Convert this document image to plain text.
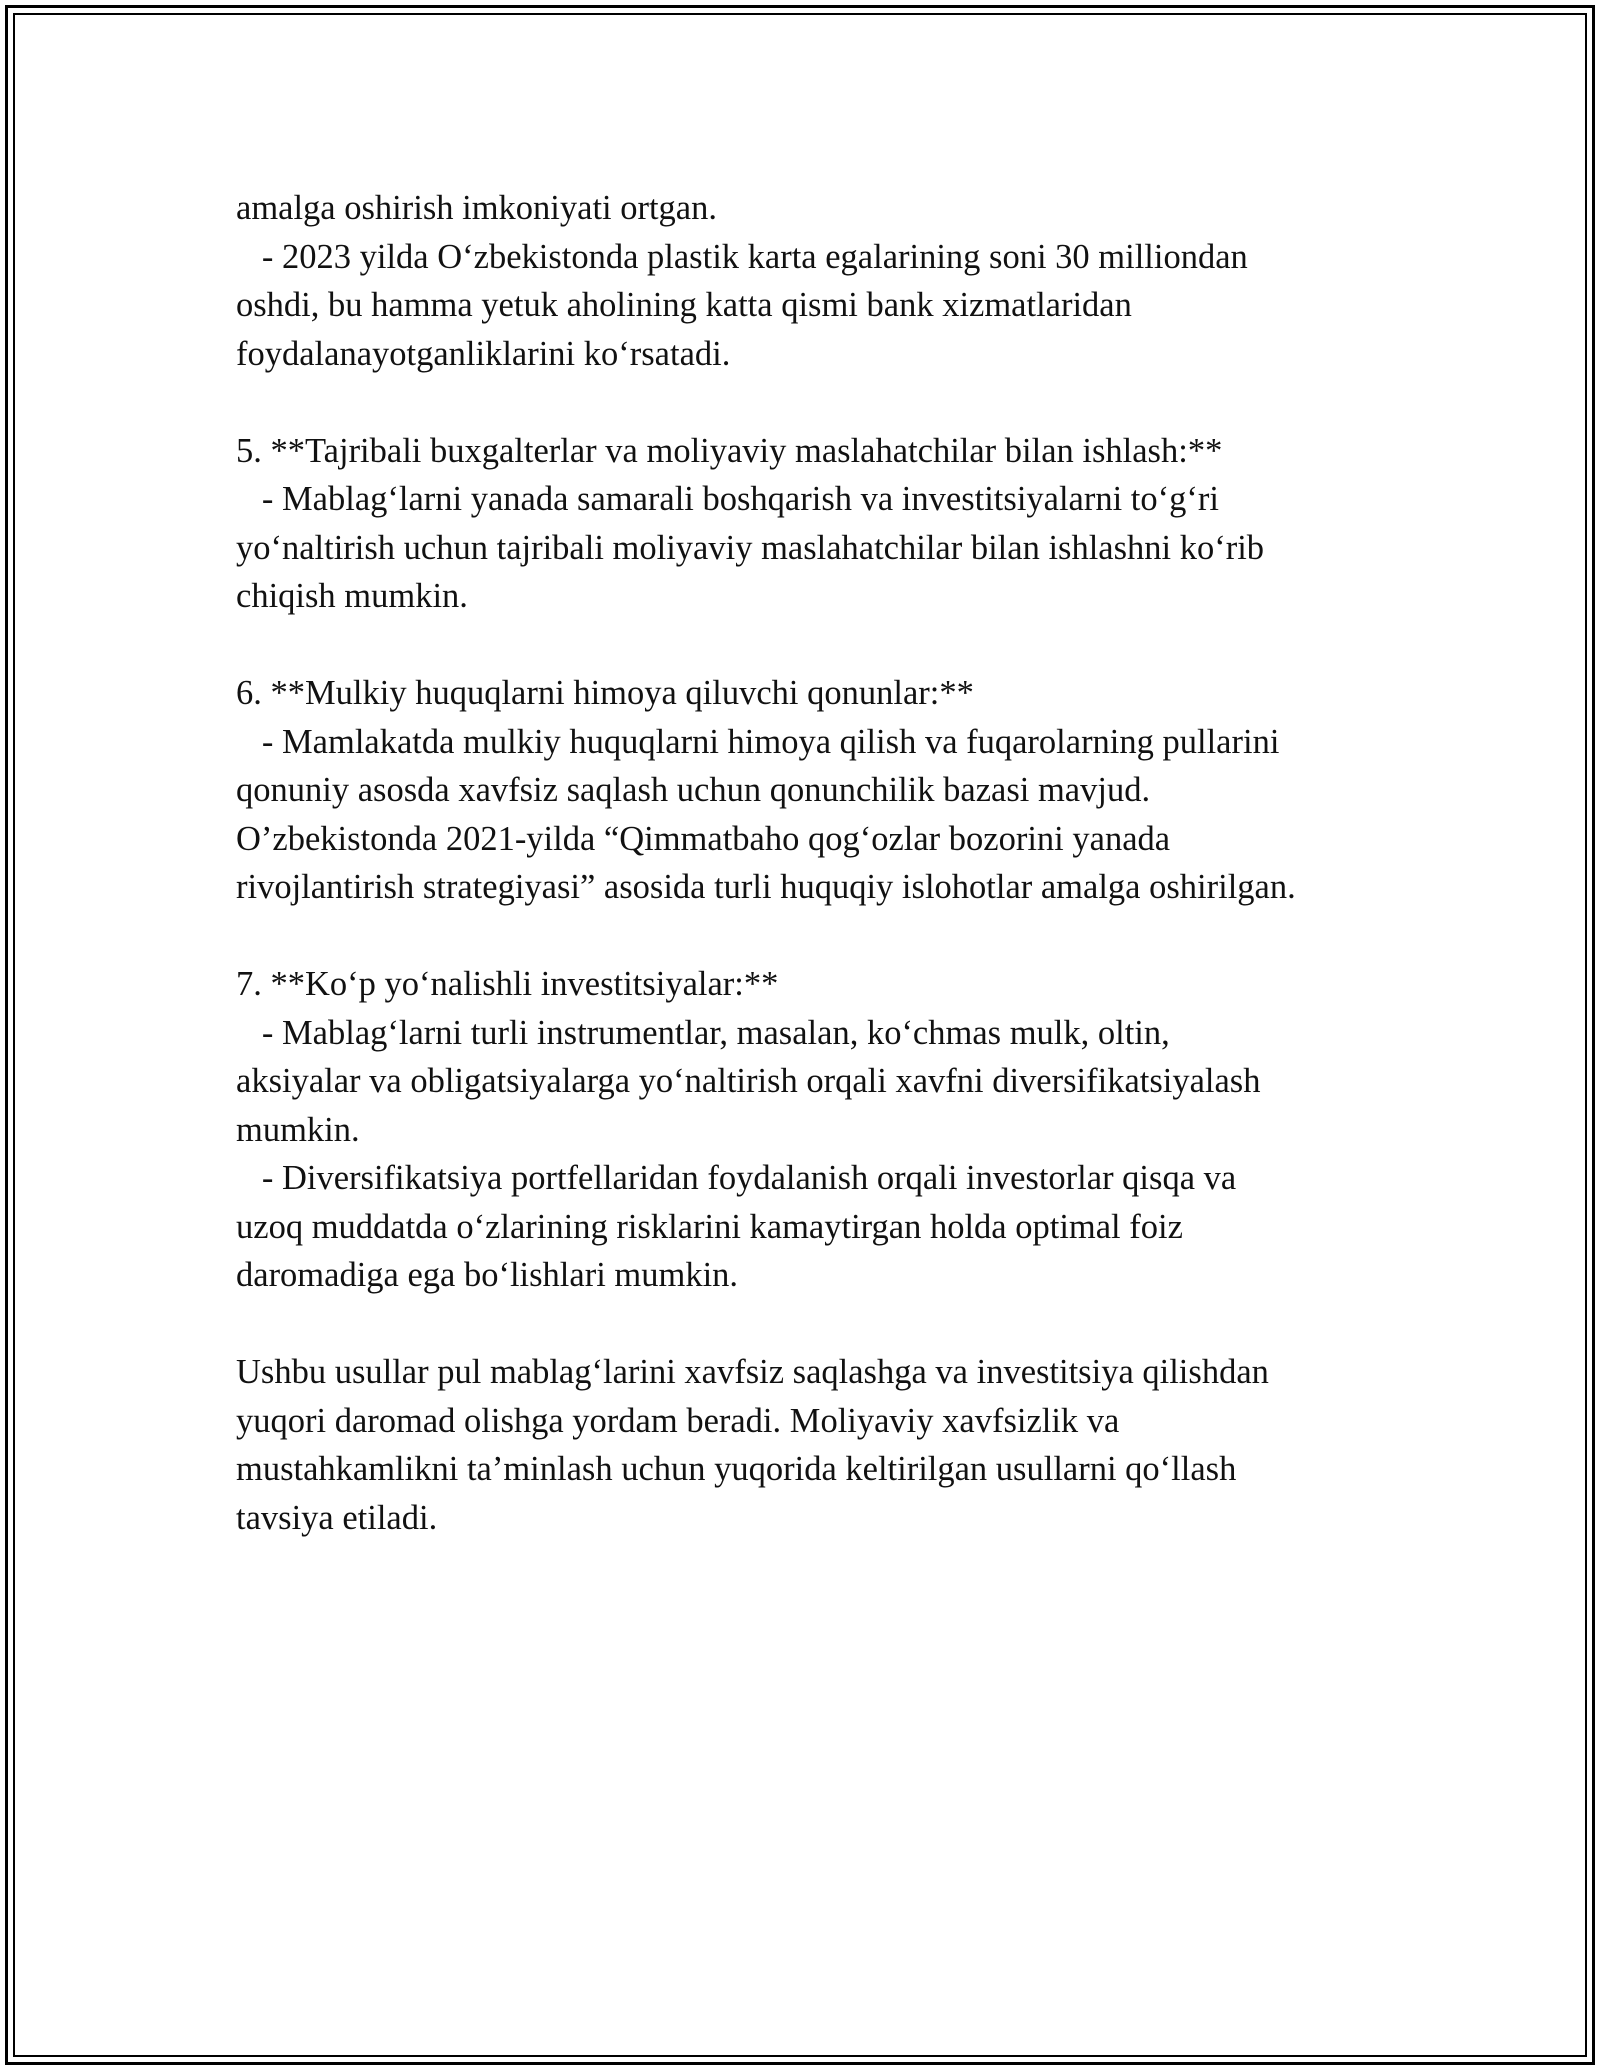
amalga oshirish imkoniyati ortgan.
- 2023 yilda O‘zbekistonda plastik karta egalarining soni 30 milliondan
oshdi, bu hamma yetuk aholining katta qismi bank xizmatlaridan
foydalanayotganliklarini ko‘rsatadi.
5. **Tajribali buxgalterlar va moliyaviy maslahatchilar bilan ishlash:**
- Mablag‘larni yanada samarali boshqarish va investitsiyalarni to‘g‘ri
yo‘naltirish uchun tajribali moliyaviy maslahatchilar bilan ishlashni ko‘rib
chiqish mumkin.
6. **Mulkiy huquqlarni himoya qiluvchi qonunlar:**
- Mamlakatda mulkiy huquqlarni himoya qilish va fuqarolarning pullarini
qonuniy asosda xavfsiz saqlash uchun qonunchilik bazasi mavjud.
O’zbekistonda 2021-yilda “Qimmatbaho qog‘ozlar bozorini yanada
rivojlantirish strategiyasi” asosida turli huquqiy islohotlar amalga oshirilgan.
7. **Ko‘p yo‘nalishli investitsiyalar:**
- Mablag‘larni turli instrumentlar, masalan, ko‘chmas mulk, oltin,
aksiyalar va obligatsiyalarga yo‘naltirish orqali xavfni diversifikatsiyalash
mumkin.
- Diversifikatsiya portfellaridan foydalanish orqali investorlar qisqa va
uzoq muddatda o‘zlarining risklarini kamaytirgan holda optimal foiz
daromadiga ega bo‘lishlari mumkin.
Ushbu usullar pul mablag‘larini xavfsiz saqlashga va investitsiya qilishdan
yuqori daromad olishga yordam beradi. Moliyaviy xavfsizlik va
mustahkamlikni ta’minlash uchun yuqorida keltirilgan usullarni qo‘llash
tavsiya etiladi.
